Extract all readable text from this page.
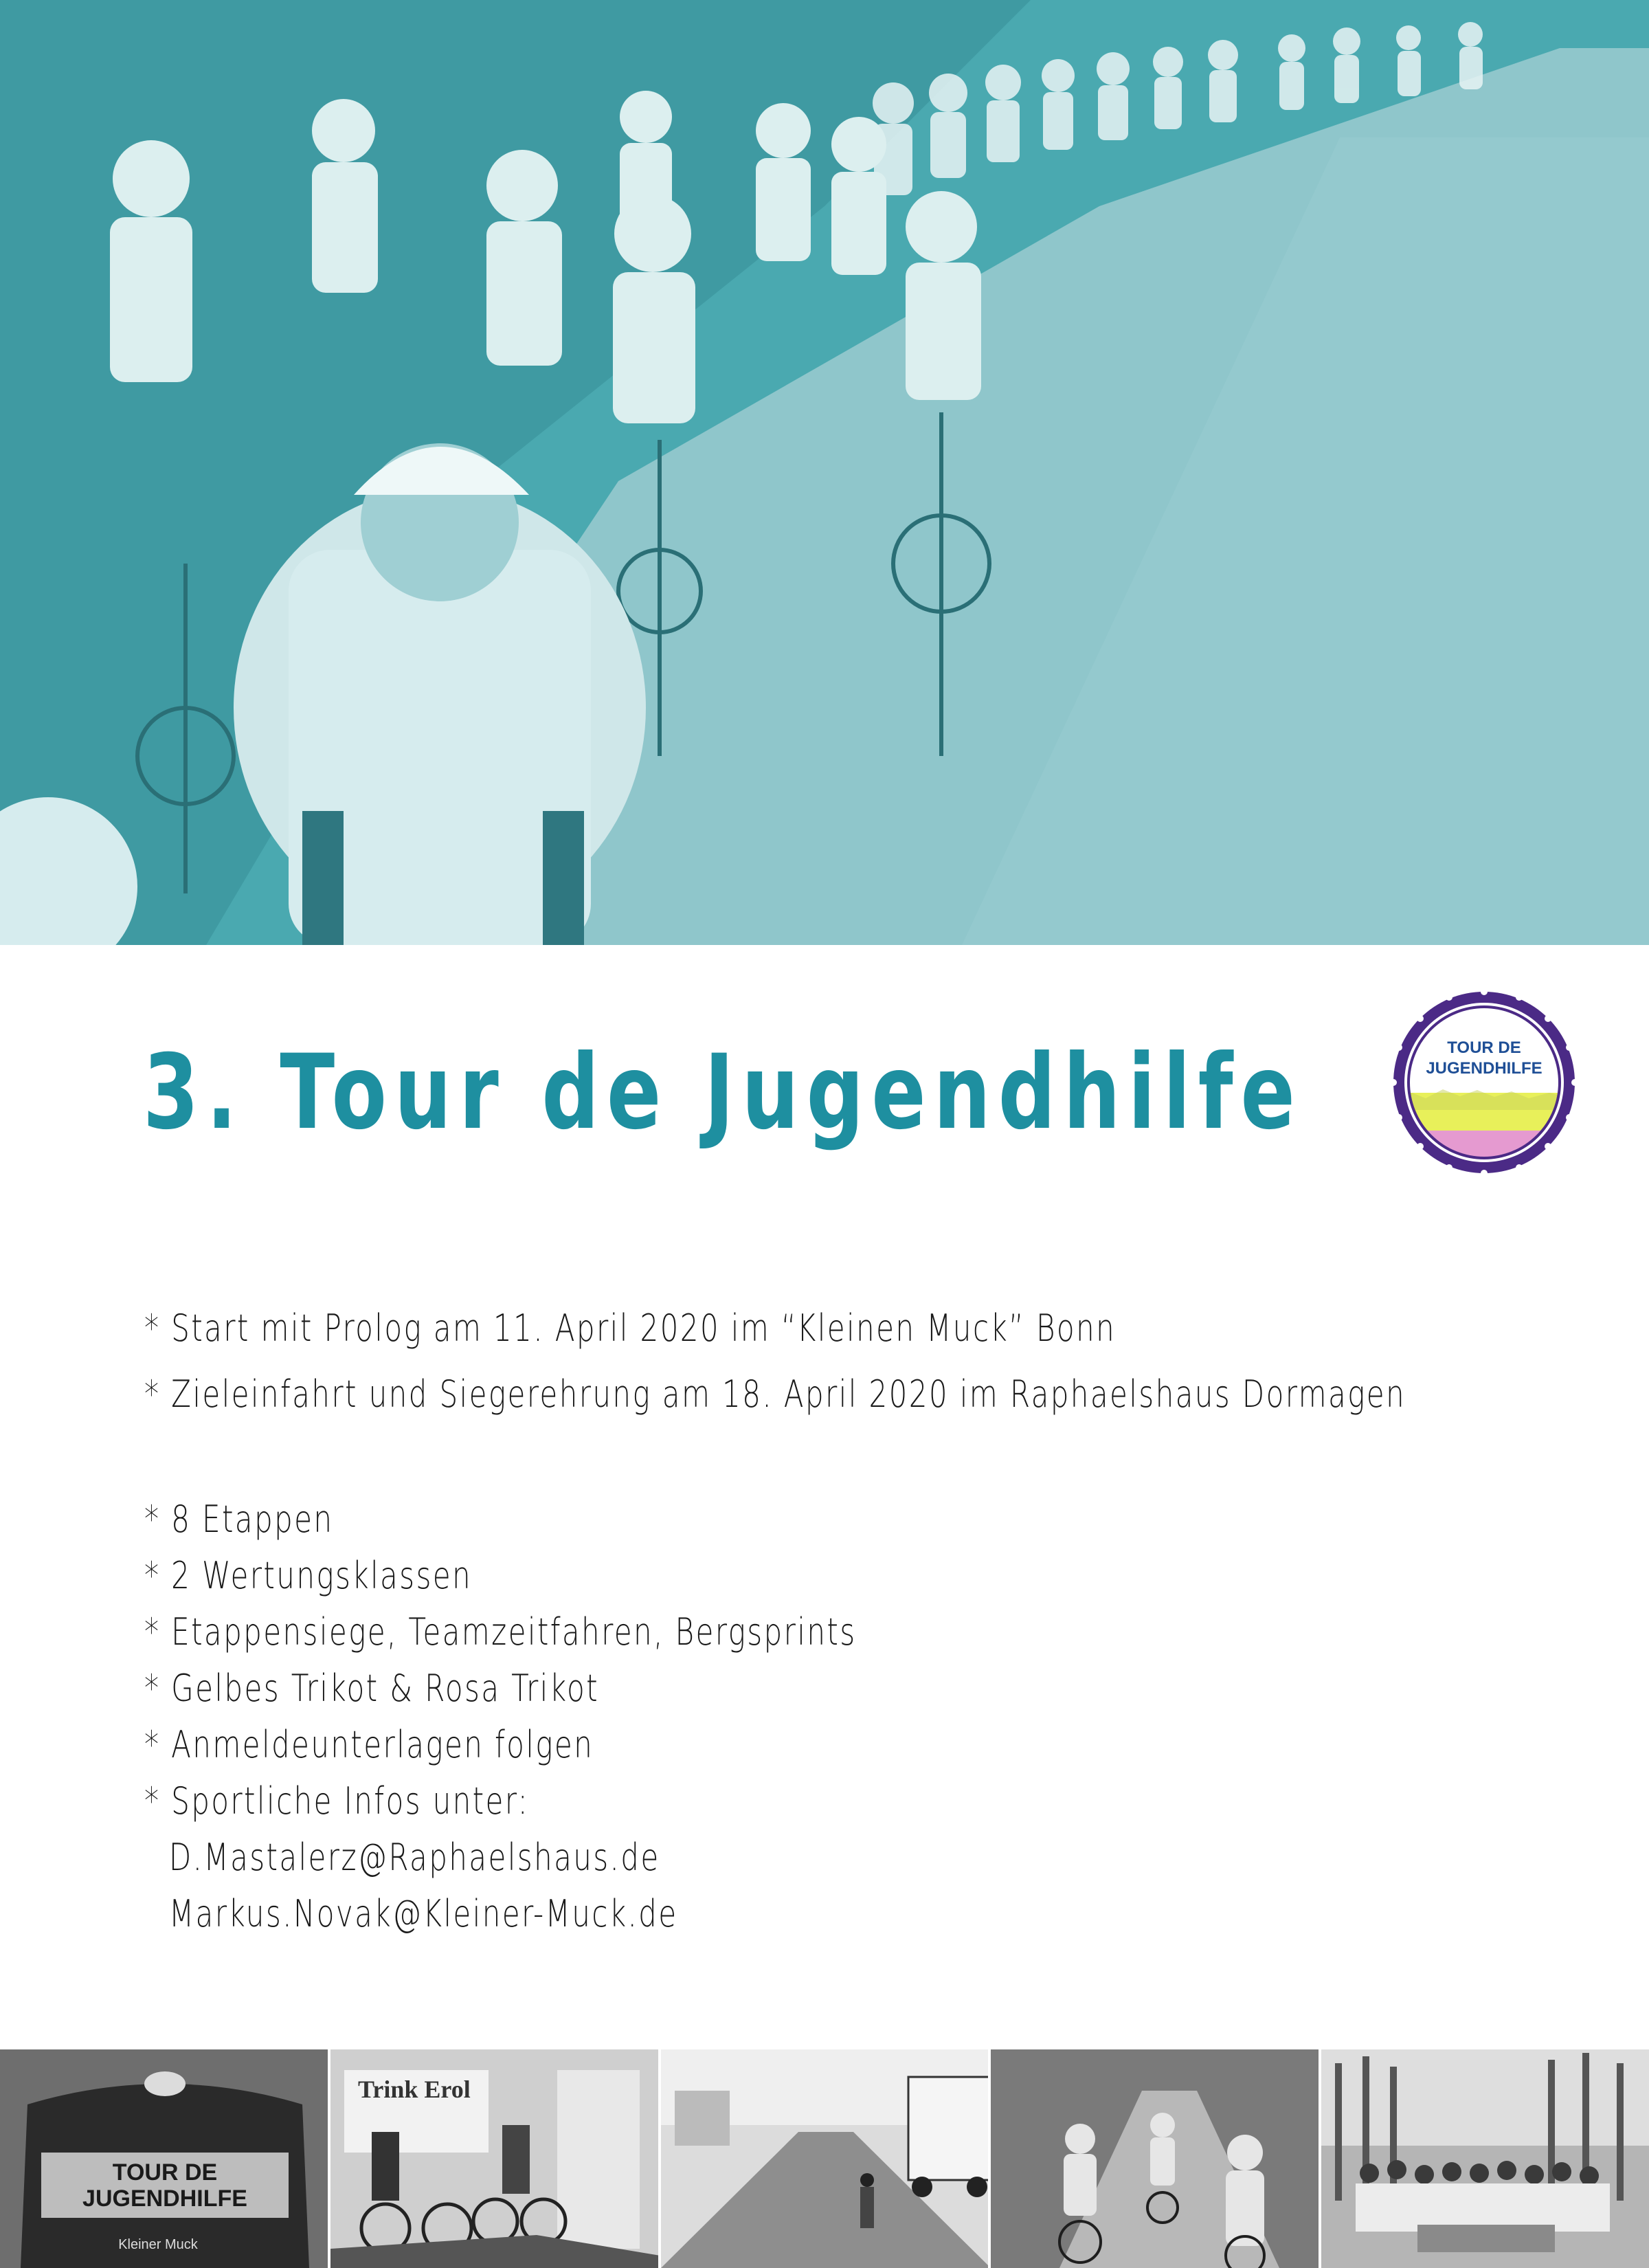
3. Tour de Jugendhilfe	TOUR DE
JUGENDHILFE
* Start mit Prolog am 11. April 2020 im “Kleinen Muck” Bonn
* Zieleinfahrt und Siegerehrung am 18. April 2020 im Raphaelshaus Dormagen
* 8 Etappen
* 2 Wertungsklassen
* Etappensiege, Teamzeitfahren, Bergsprints
* Gelbes Trikot & Rosa Trikot
* Anmeldeunterlagen folgen
* Sportliche Infos unter:
D.Mastalerz@Raphaelshaus.de
Markus.Novak@Kleiner-Muck.de
TOUR DE
JUGENDHILFE
Kleiner Muck
Trink Erol
